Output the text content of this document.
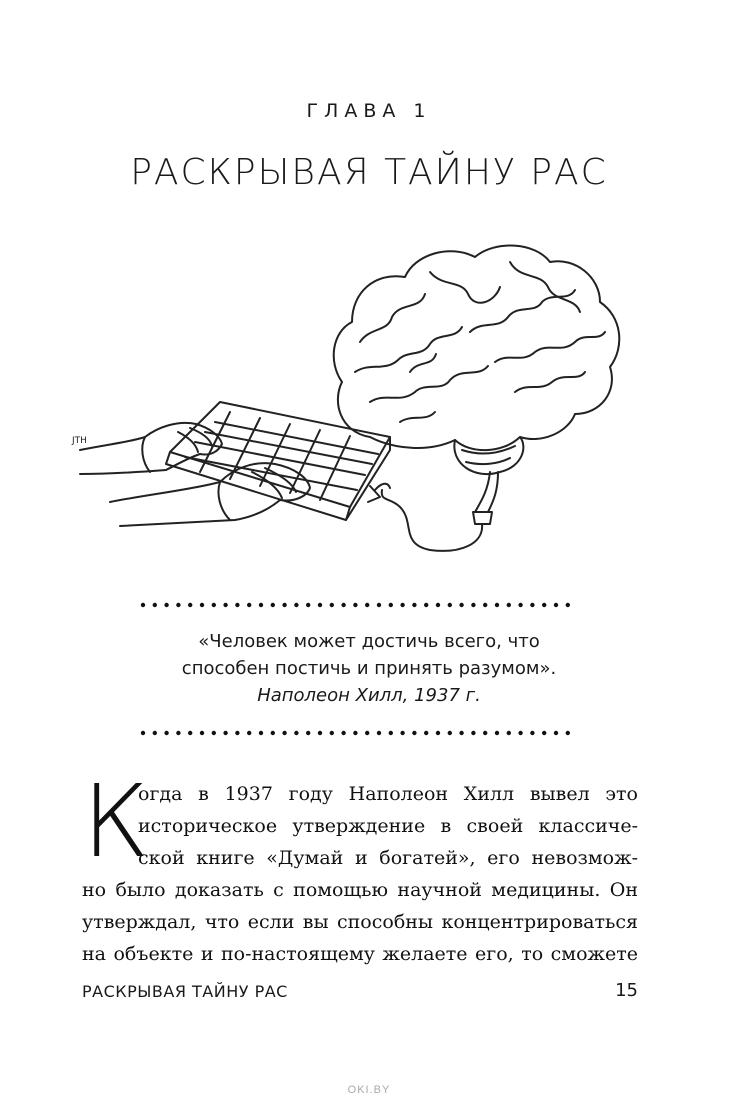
ГЛАВА 1
РАСКРЫВАЯ ТАЙНУ РАС
JTH
«Человек может достичь всего, что
способен постичь и принять разумом».
Наполеон Хилл, 1937 г.
К
огда в 1937 году Наполеон Хилл вывел это
историческое утверждение в своей классиче-
ской книге «Думай и богатей», его невозмож-
но было доказать с помощью научной медицины. Он
утверждал, что если вы способны концентрироваться
на объекте и по-настоящему желаете его, то сможете
РАСКРЫВАЯ ТАЙНУ РАС	15
OKI.BY
